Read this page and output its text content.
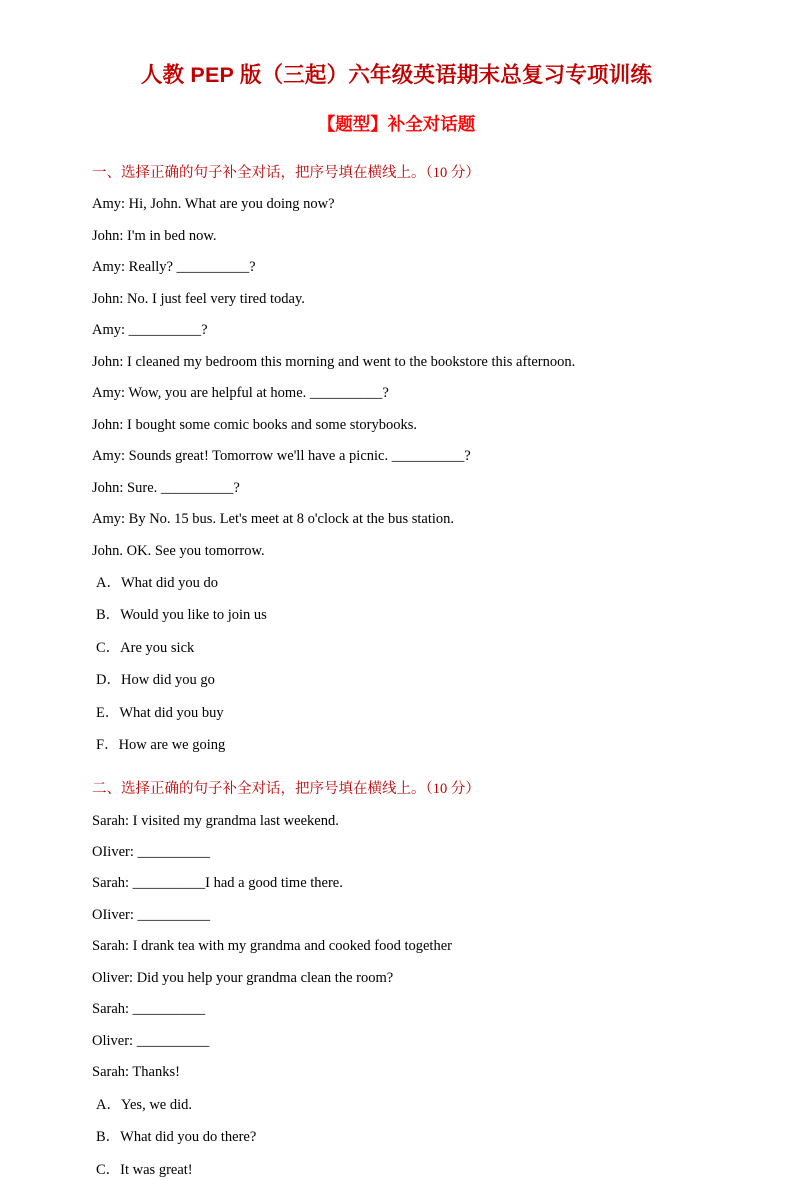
人教 PEP 版（三起）六年级英语期末总复习专项训练
【题型】补全对话题

一、选择正确的句子补全对话，把序号填在横线上。（10 分）

Amy: Hi, John. What are you doing now?

John: I'm in bed now.

Amy: Really? __________?

John: No. I just feel very tired today.

Amy: __________?

John: I cleaned my bedroom this morning and went to the bookstore this afternoon.

Amy: Wow, you are helpful at home. __________?

John: I bought some comic books and some storybooks.

Amy: Sounds great! Tomorrow we'll have a picnic. __________?

John: Sure. __________?

Amy: By No. 15 bus. Let's meet at 8 o'clock at the bus station.

John. OK. See you tomorrow.

A．What did you do

B．Would you like to join us

C．Are you sick

D．How did you go

E．What did you buy

F．How are we going

二、选择正确的句子补全对话，把序号填在横线上。（10 分）

Sarah: I visited my grandma last weekend.

OIiver: __________

Sarah: __________I had a good time there.

OIiver: __________

Sarah: I drank tea with my grandma and cooked food together

Oliver: Did you help your grandma clean the room?

Sarah: __________

Oliver: __________

Sarah: Thanks!

A．Yes, we did.

B．What did you do there?

C．It was great!
